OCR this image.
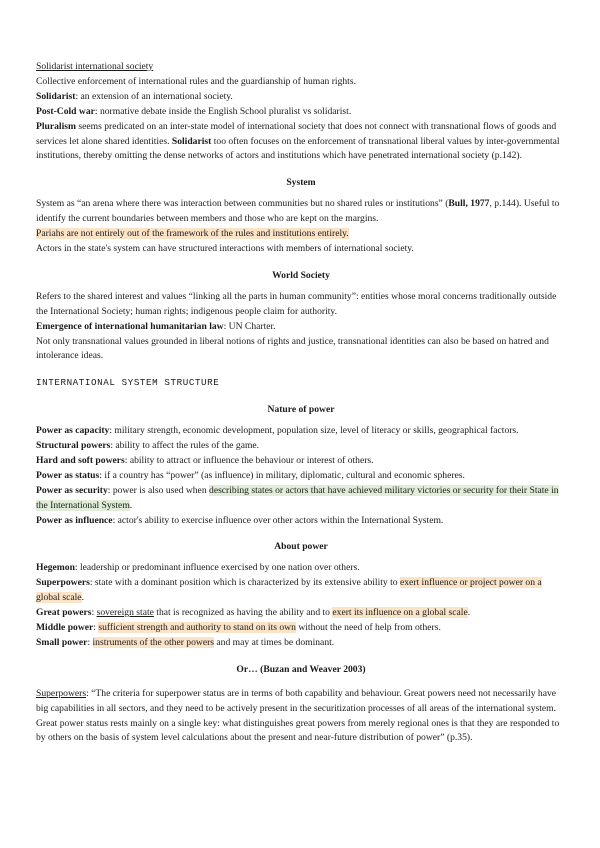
Solidarist international society

Collective enforcement of international rules and the guardianship of human rights.

Solidarist: an extension of an international society.

Post-Cold war: normative debate inside the English School pluralist vs solidarist.

Pluralism seems predicated on an inter-state model of international society that does not connect with transnational flows of goods and services let alone shared identities. Solidarist too often focuses on the enforcement of transnational liberal values by inter-governmental institutions, thereby omitting the dense networks of actors and institutions which have penetrated international society (p.142).

System

System as “an arena where there was interaction between communities but no shared rules or institutions” (Bull, 1977, p.144). Useful to identify the current boundaries between members and those who are kept on the margins.

Pariahs are not entirely out of the framework of the rules and institutions entirely.

Actors in the state's system can have structured interactions with members of international society.

World Society

Refers to the shared interest and values “linking all the parts in human community”: entities whose moral concerns traditionally outside the International Society; human rights; indigenous people claim for authority.

Emergence of international humanitarian law: UN Charter.

Not only transnational values grounded in liberal notions of rights and justice, transnational identities can also be based on hatred and intolerance ideas.

INTERNATIONAL SYSTEM STRUCTURE

Nature of power

Power as capacity: military strength, economic development, population size, level of literacy or skills, geographical factors.

Structural powers: ability to affect the rules of the game.

Hard and soft powers: ability to attract or influence the behaviour or interest of others.

Power as status: if a country has “power” (as influence) in military, diplomatic, cultural and economic spheres.

Power as security: power is also used when describing states or actors that have achieved military victories or security for their State in the International System.

Power as influence: actor's ability to exercise influence over other actors within the International System.

About power

Hegemon: leadership or predominant influence exercised by one nation over others.

Superpowers: state with a dominant position which is characterized by its extensive ability to exert influence or project power on a global scale.

Great powers: sovereign state that is recognized as having the ability and to exert its influence on a global scale.

Middle power: sufficient strength and authority to stand on its own without the need of help from others.

Small power: instruments of the other powers and may at times be dominant.

Or… (Buzan and Weaver 2003)

Superpowers: “The criteria for superpower status are in terms of both capability and behaviour. Great powers need not necessarily have big capabilities in all sectors, and they need to be actively present in the securitization processes of all areas of the international system. Great power status rests mainly on a single key: what distinguishes great powers from merely regional ones is that they are responded to by others on the basis of system level calculations about the present and near-future distribution of power” (p.35).
